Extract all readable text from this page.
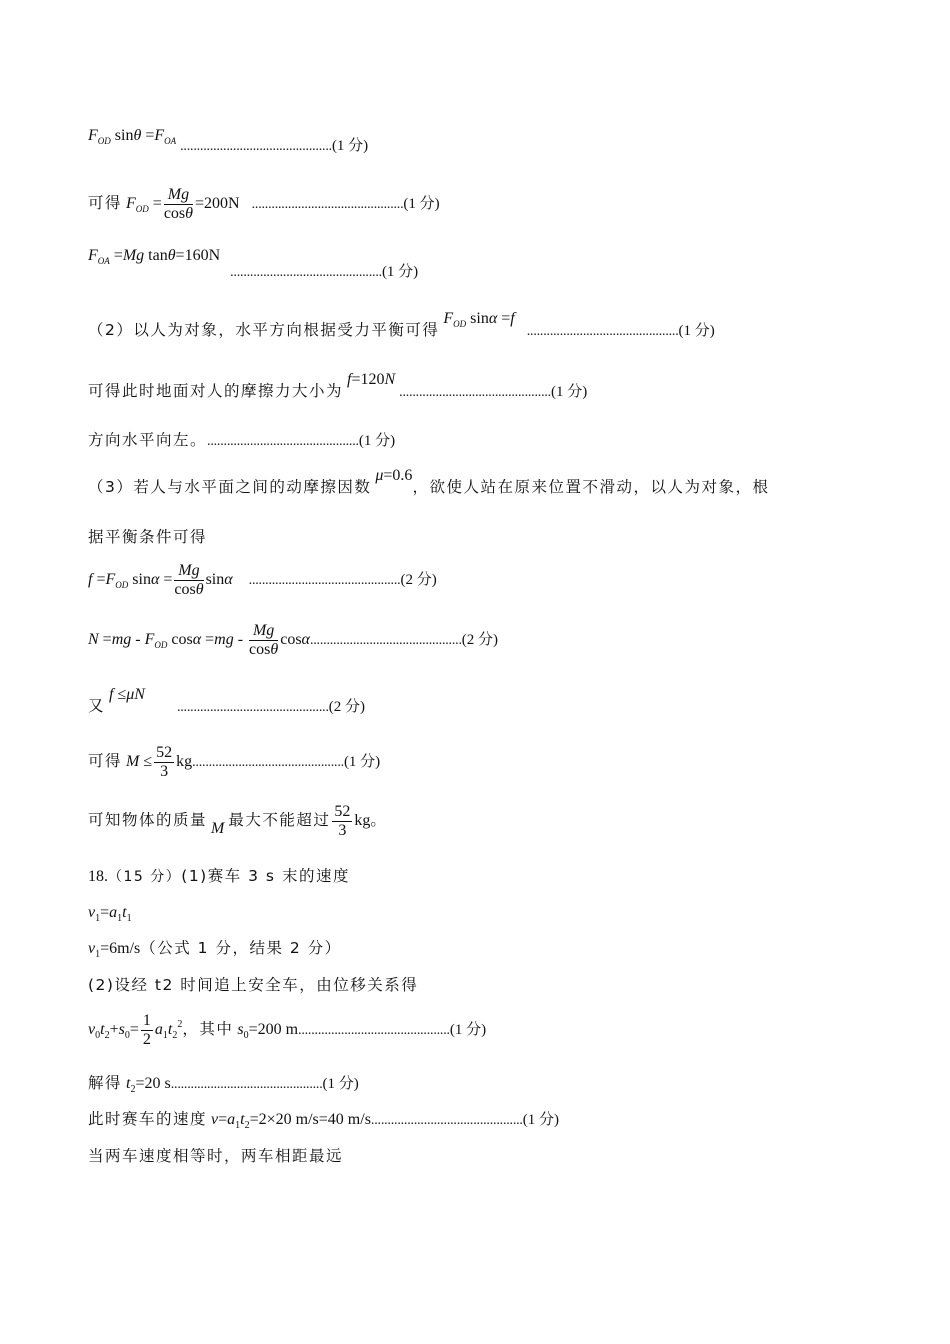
$F_{OD}$ $\sin\theta =F_{OA}$ ..............................................(1 分)
可得 $F_{OD} = \frac{Mg}{\cos\theta} =200N$ ..............................................(1 分)
$F_{OA} =Mg$ tanθ=160N ..............................................(1 分)
（2）以人为对象，水平方向根据受力平衡可得 $F_{OD}$ sinα =f   ..............................................(1 分)
可得此时地面对人的摩擦力大小为 f=120N ..............................................(1 分)
方向水平向左。..............................................(1 分)
（3）若人与水平面之间的动摩擦因数 μ=0.6，欲使人站在原来位置不滑动，以人为对象，根
据平衡条件可得
$f =F_{OD}$ $\sin\alpha = \frac{Mg}{\cos\theta}$ sinα ..............................................(2 分)
$N =mg - F_{OD}$ $\cos\alpha =mg - \frac{Mg}{\cos\theta} \cos\alpha..............................................(2$ 分)
又 f ≤μN        ..............................................(2 分)
可得 $M \le \frac{52}{3} kg..............................................(1$ 分)
可知物体的质量 M 最大不能超过 $\frac{52}{3}$ kg。
18.（15 分）(1)赛车 3 s 末的速度
$v_1=a_1t_1$
$v_1=6m/s$（公式 1 分，结果 2 分）
(2)设经 t2 时间追上安全车，由位移关系得
$v_0t_2+s_0= \frac{1}{2} a_1t_2^2$，其中 $s_0=200$ m..............................................(1 分)
解得 $t_2=20$ s..............................................(1 分)
此时赛车的速度 $v=a_1t_2=2\times 20$ m/s=40 m/s..............................................(1 分)
当两车速度相等时，两车相距最远
